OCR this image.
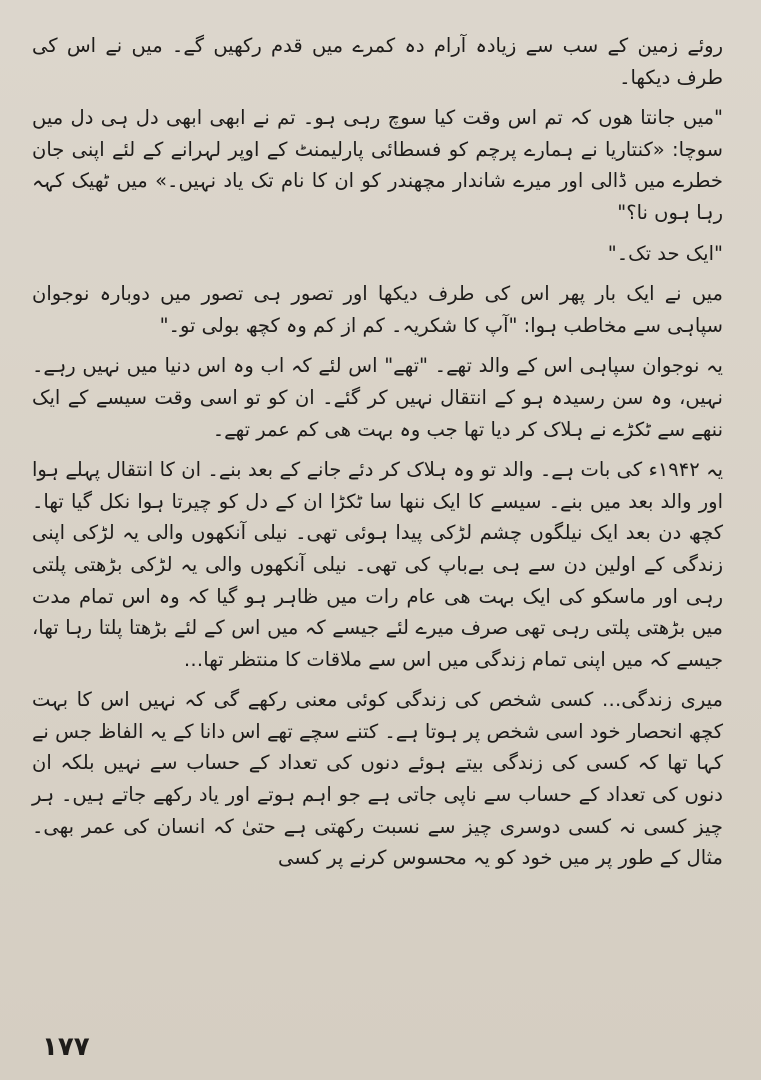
روئے زمین کے سب سے زیادہ آرام دہ کمرے میں قدم رکھیں گے۔ میں نے اس کی طرف دیکھا۔

"میں جانتا ھوں کہ تم اس وقت کیا سوچ رہی ہو۔ تم نے ابھی ابھی دل ہی دل میں سوچا: «کنتاریا نے ہمارے پرچم کو فسطائی پارلیمنٹ کے اوپر لہرانے کے لئے اپنی جان خطرے میں ڈالی اور میرے شاندار مچھندر کو ان کا نام تک یاد نہیں۔» میں ٹھیک کہہ رہا ہوں نا؟"

"ایک حد تک۔"

میں نے ایک بار پھر اس کی طرف دیکھا اور تصور ہی تصور میں دوبارہ نوجوان سپاہی سے مخاطب ہوا: "آپ کا شکریہ۔ کم از کم وہ کچھ بولی تو۔"

یہ نوجوان سپاہی اس کے والد تھے۔ "تھے" اس لئے کہ اب وہ اس دنیا میں نہیں رہے۔ نہیں، وہ سن رسیدہ ہو کے انتقال نہیں کر گئے۔ ان کو تو اسی وقت سیسے کے ایک ننھے سے ٹکڑے نے ہلاک کر دیا تھا جب وہ بہت ھی کم عمر تھے۔

یہ ۱۹۴۲ء کی بات ہے۔ والد تو وہ ہلاک کر دئے جانے کے بعد بنے۔ ان کا انتقال پہلے ہوا اور والد بعد میں بنے۔ سیسے کا ایک ننھا سا ٹکڑا ان کے دل کو چیرتا ہوا نکل گیا تھا۔ کچھ دن بعد ایک نیلگوں چشم لڑکی پیدا ہوئی تھی۔ نیلی آنکھوں والی یہ لڑکی اپنی زندگی کے اولین دن سے ہی بےباپ کی تھی۔ نیلی آنکھوں والی یہ لڑکی بڑھتی پلتی رہی اور ماسکو کی ایک بہت ھی عام رات میں ظاہر ہو گیا کہ وہ اس تمام مدت میں بڑھتی پلتی رہی تھی صرف میرے لئے جیسے کہ میں اس کے لئے بڑھتا پلتا رہا تھا، جیسے کہ میں اپنی تمام زندگی میں اس سے ملاقات کا منتظر تھا…

میری زندگی… کسی شخص کی زندگی کوئی معنی رکھے گی کہ نہیں اس کا بہت کچھ انحصار خود اسی شخص پر ہوتا ہے۔ کتنے سچے تھے اس دانا کے یہ الفاظ جس نے کہا تھا کہ کسی کی زندگی بیتے ہوئے دنوں کی تعداد کے حساب سے نہیں بلکہ ان دنوں کی تعداد کے حساب سے ناپی جاتی ہے جو اہم ہوتے اور یاد رکھے جاتے ہیں۔ ہر چیز کسی نہ کسی دوسری چیز سے نسبت رکھتی ہے حتیٰ کہ انسان کی عمر بھی۔ مثال کے طور پر میں خود کو یہ محسوس کرنے پر کسی

۱۷۷
